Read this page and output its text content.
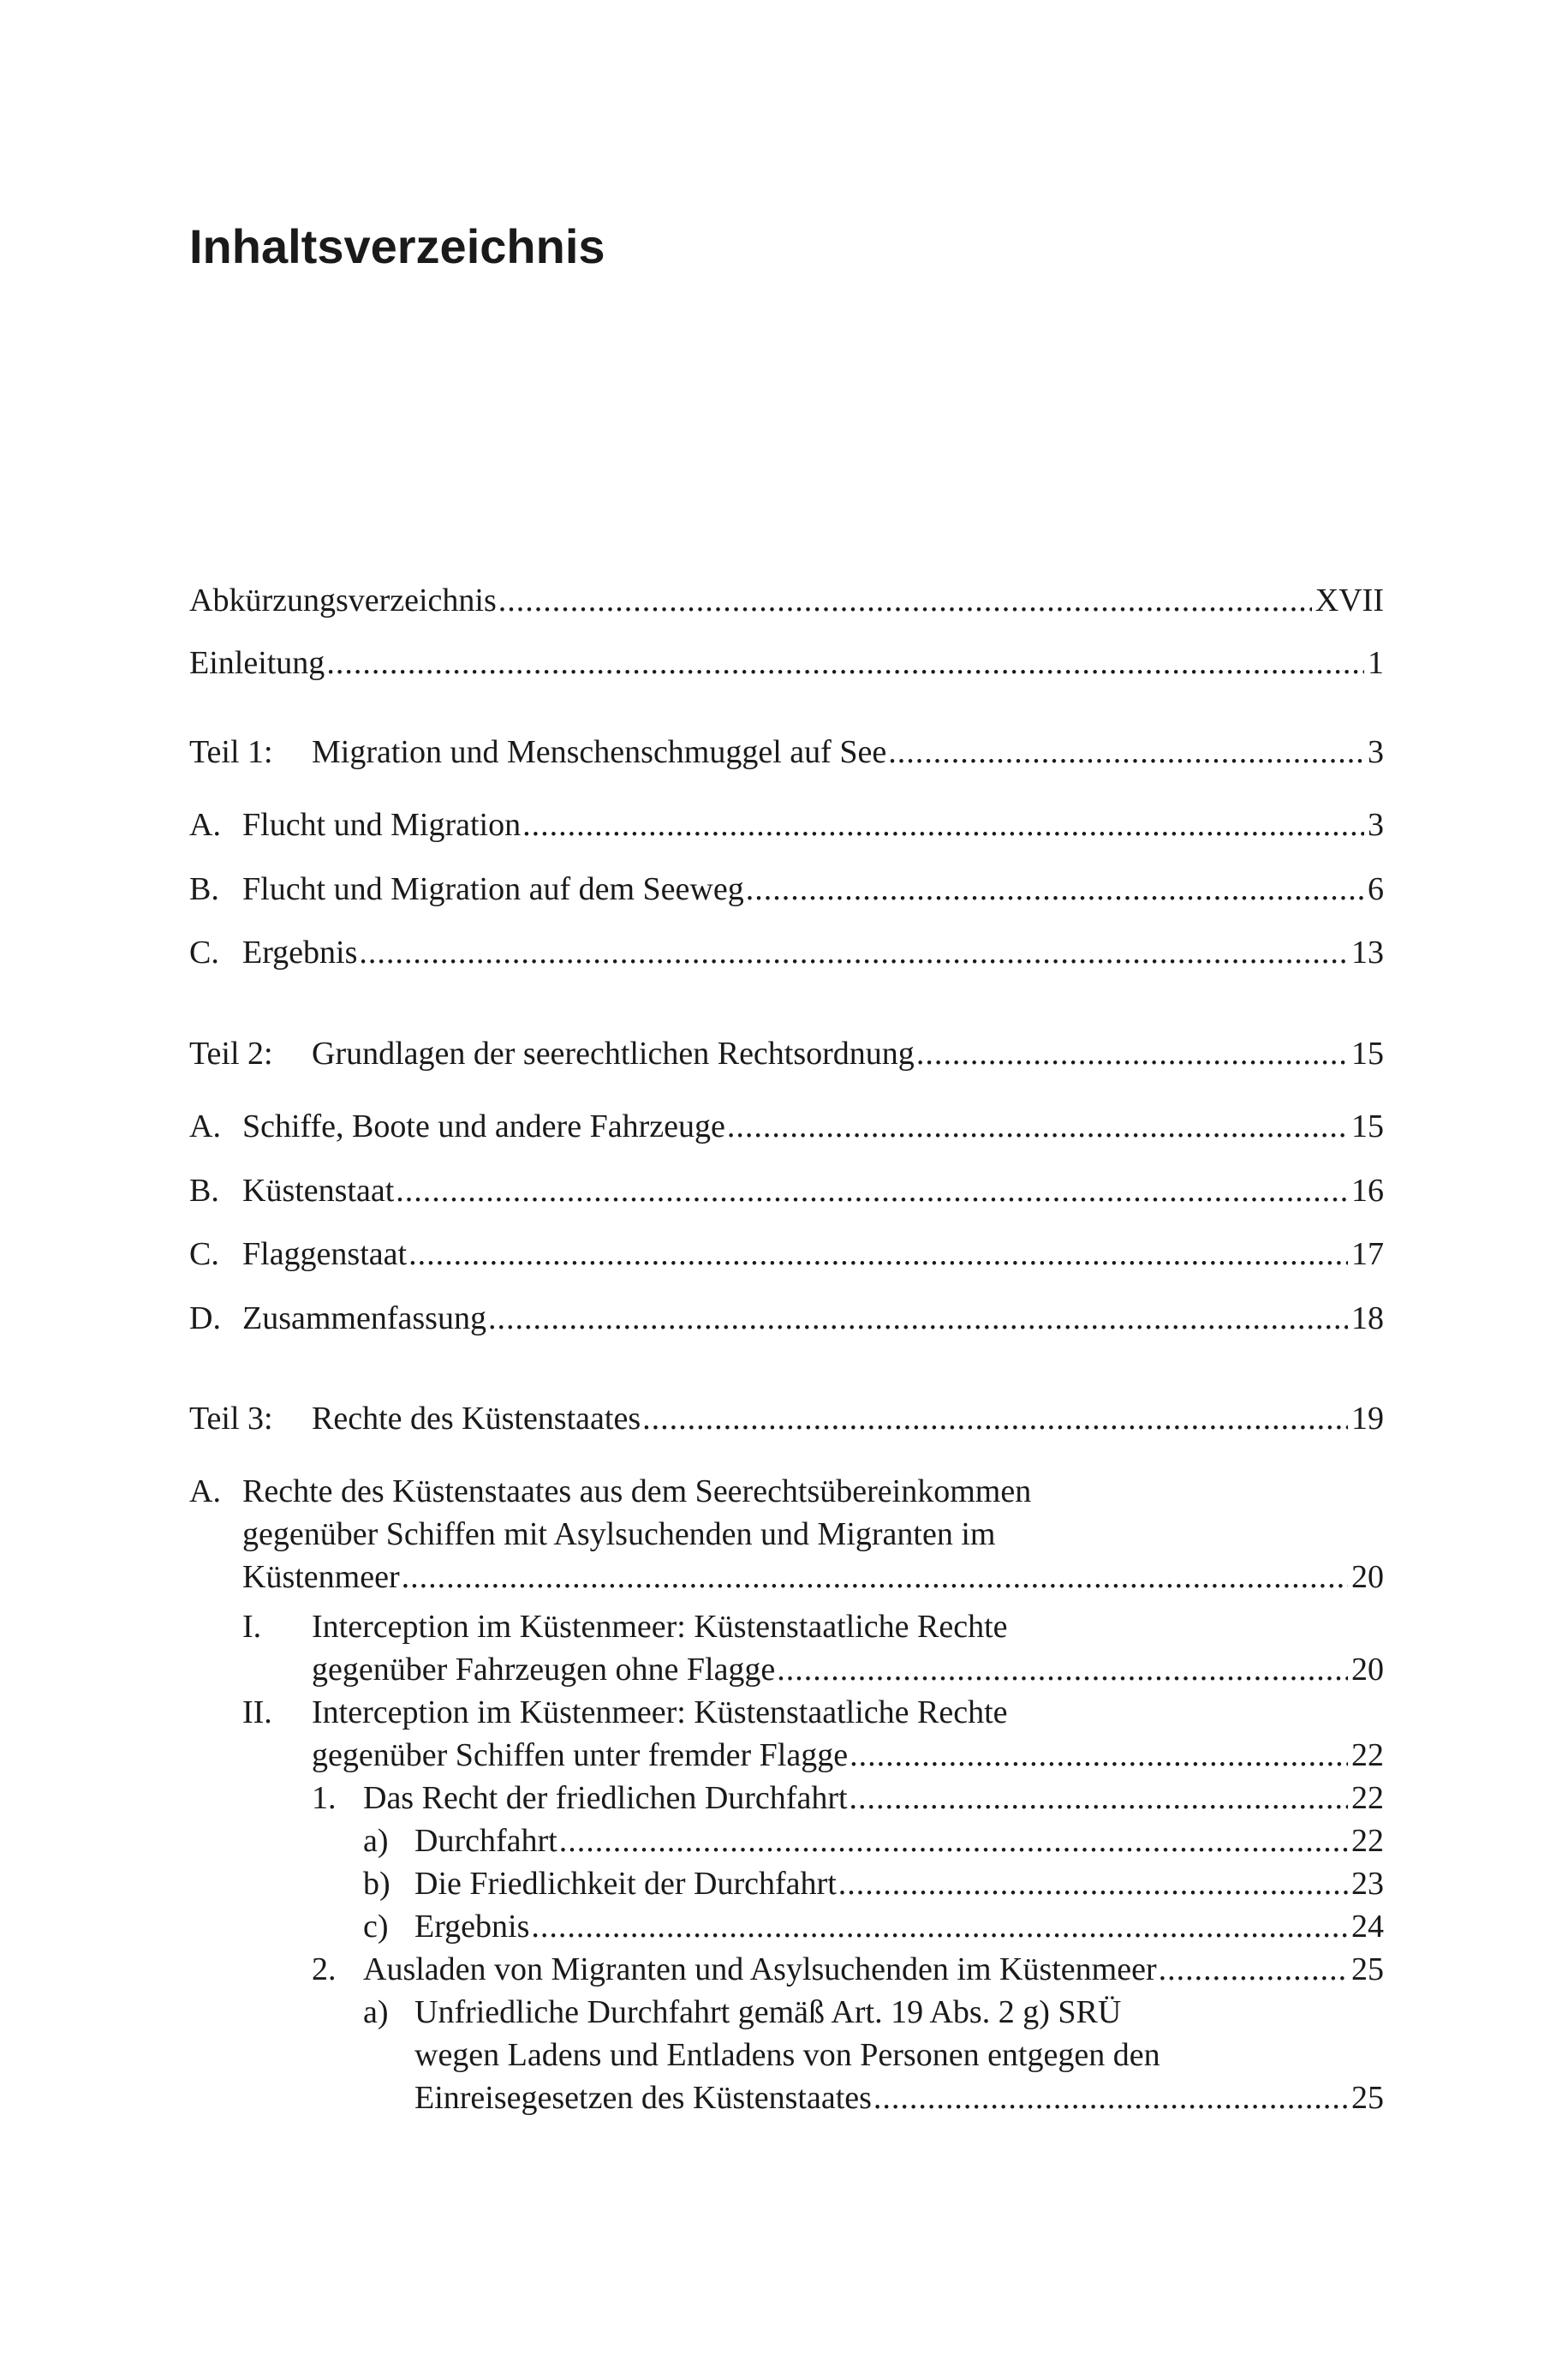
Inhaltsverzeichnis
Abkürzungsverzeichnis .....	XVII
Einleitung .....	1
Teil 1: Migration und Menschenschmuggel auf See .....	3
A. Flucht und Migration .....	3
B. Flucht und Migration auf dem Seeweg .....	6
C. Ergebnis .....	13
Teil 2: Grundlagen der seerechtlichen Rechtsordnung .....	15
A. Schiffe, Boote und andere Fahrzeuge .....	15
B. Küstenstaat .....	16
C. Flaggenstaat .....	17
D. Zusammenfassung .....	18
Teil 3: Rechte des Küstenstaates .....	19
A. Rechte des Küstenstaates aus dem Seerechtsübereinkommen
gegenüber Schiffen mit Asylsuchenden und Migranten im
Küstenmeer .....	20
I. Interception im Küstenmeer: Küstenstaatliche Rechte
gegenüber Fahrzeugen ohne Flagge .....	20
II. Interception im Küstenmeer: Küstenstaatliche Rechte
gegenüber Schiffen unter fremder Flagge .....	22
1. Das Recht der friedlichen Durchfahrt .....	22
a) Durchfahrt .....	22
b) Die Friedlichkeit der Durchfahrt .....	23
c) Ergebnis .....	24
2. Ausladen von Migranten und Asylsuchenden im Küstenmeer .....	25
a) Unfriedliche Durchfahrt gemäß Art. 19 Abs. 2 g) SRÜ
wegen Ladens und Entladens von Personen entgegen den
Einreisegesetzen des Küstenstaates .....	25
